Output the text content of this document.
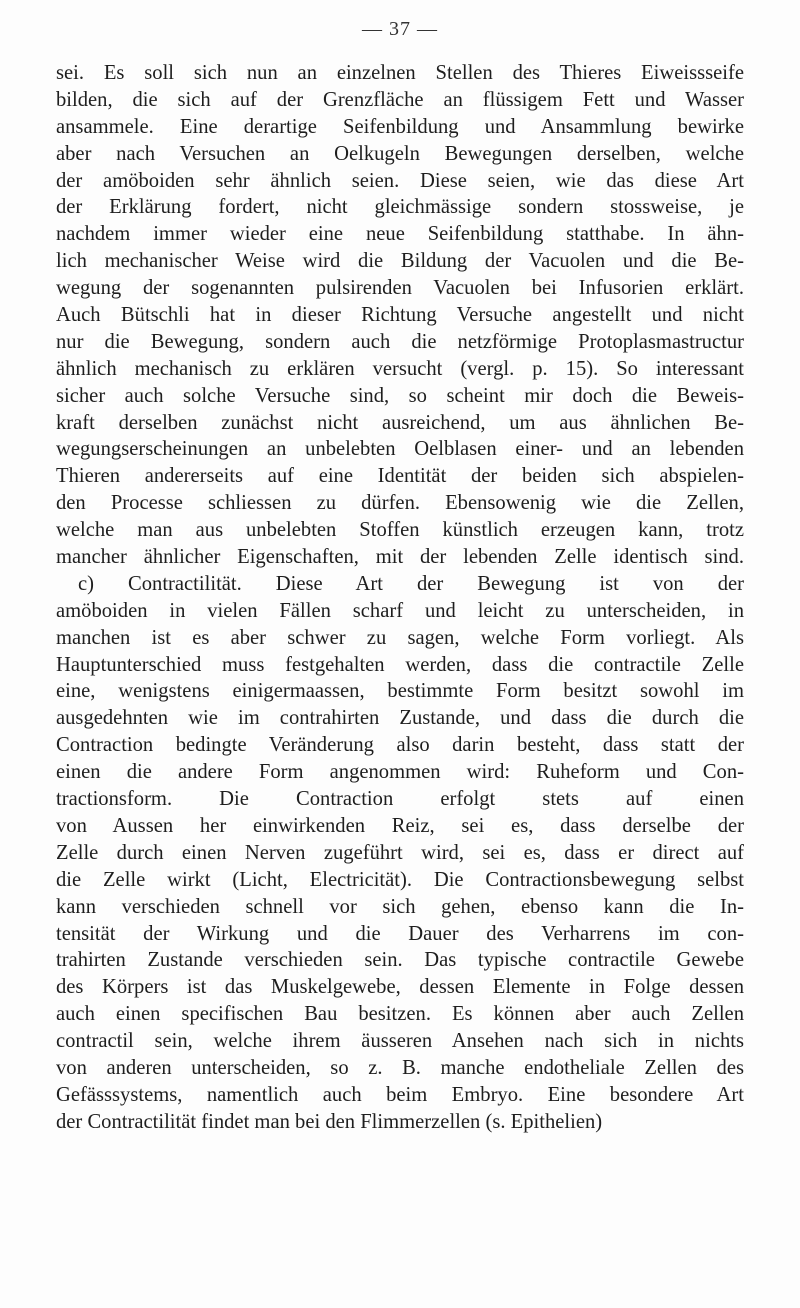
— 37 —
sei. Es soll sich nun an einzelnen Stellen des Thieres Eiweissseife
bilden, die sich auf der Grenzfläche an flüssigem Fett und Wasser
ansammele. Eine derartige Seifenbildung und Ansammlung bewirke
aber nach Versuchen an Oelkugeln Bewegungen derselben, welche
der amöboiden sehr ähnlich seien. Diese seien, wie das diese Art
der Erklärung fordert, nicht gleichmässige sondern stossweise, je
nachdem immer wieder eine neue Seifenbildung statthabe. In ähn-
lich mechanischer Weise wird die Bildung der Vacuolen und die Be-
wegung der sogenannten pulsirenden Vacuolen bei Infusorien erklärt.
Auch Bütschli hat in dieser Richtung Versuche angestellt und nicht
nur die Bewegung, sondern auch die netzförmige Protoplasmastructur
ähnlich mechanisch zu erklären versucht (vergl. p. 15). So interessant
sicher auch solche Versuche sind, so scheint mir doch die Beweis-
kraft derselben zunächst nicht ausreichend, um aus ähnlichen Be-
wegungserscheinungen an unbelebten Oelblasen einer- und an lebenden
Thieren andererseits auf eine Identität der beiden sich abspielen-
den Processe schliessen zu dürfen. Ebensowenig wie die Zellen,
welche man aus unbelebten Stoffen künstlich erzeugen kann, trotz
mancher ähnlicher Eigenschaften, mit der lebenden Zelle identisch sind.
c) Contractilität. Diese Art der Bewegung ist von der
amöboiden in vielen Fällen scharf und leicht zu unterscheiden, in
manchen ist es aber schwer zu sagen, welche Form vorliegt. Als
Hauptunterschied muss festgehalten werden, dass die contractile Zelle
eine, wenigstens einigermaassen, bestimmte Form besitzt sowohl im
ausgedehnten wie im contrahirten Zustande, und dass die durch die
Contraction bedingte Veränderung also darin besteht, dass statt der
einen die andere Form angenommen wird: Ruheform und Con-
tractionsform. Die Contraction erfolgt stets auf einen
von Aussen her einwirkenden Reiz, sei es, dass derselbe der
Zelle durch einen Nerven zugeführt wird, sei es, dass er direct auf
die Zelle wirkt (Licht, Electricität). Die Contractionsbewegung selbst
kann verschieden schnell vor sich gehen, ebenso kann die In-
tensität der Wirkung und die Dauer des Verharrens im con-
trahirten Zustande verschieden sein. Das typische contractile Gewebe
des Körpers ist das Muskelgewebe, dessen Elemente in Folge dessen
auch einen specifischen Bau besitzen. Es können aber auch Zellen
contractil sein, welche ihrem äusseren Ansehen nach sich in nichts
von anderen unterscheiden, so z. B. manche endotheliale Zellen des
Gefässsystems, namentlich auch beim Embryo. Eine besondere Art
der Contractilität findet man bei den Flimmerzellen (s. Epithelien)
